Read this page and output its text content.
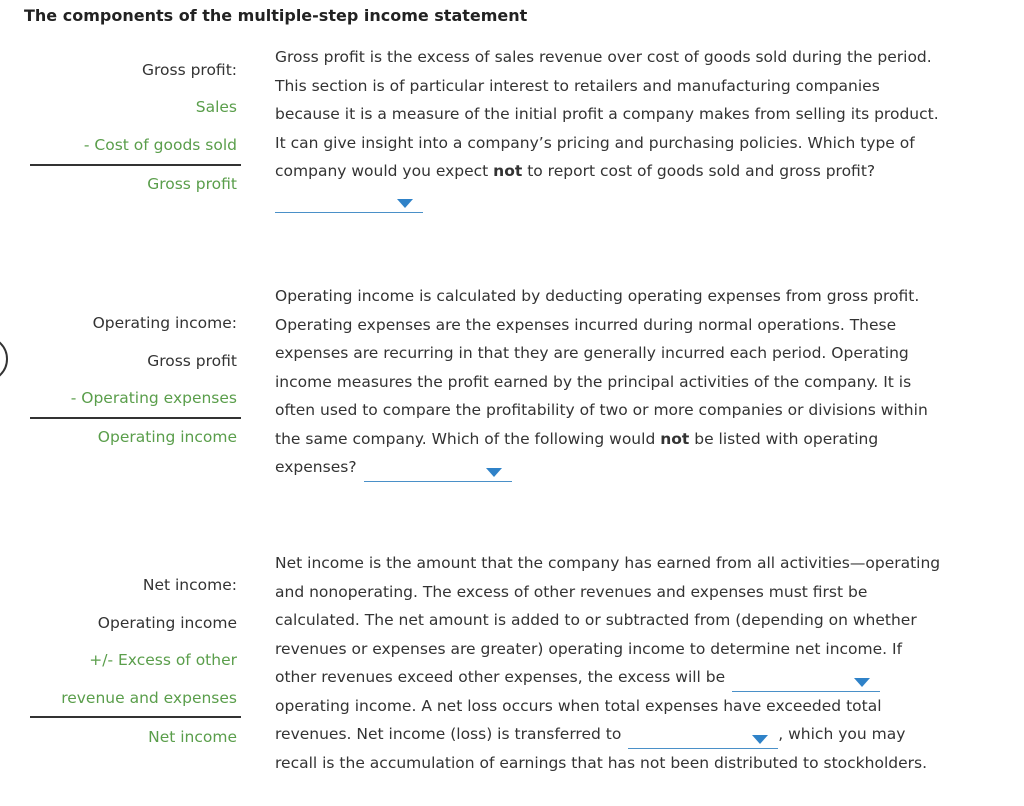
The components of the multiple-step income statement
Gross profit:
Sales
- Cost of goods sold
Gross profit
Gross profit is the excess of sales revenue over cost of goods sold during the period.
This section is of particular interest to retailers and manufacturing companies
because it is a measure of the initial profit a company makes from selling its product.
It can give insight into a company’s pricing and purchasing policies. Which type of
company would you expect not to report cost of goods sold and gross profit?
Operating income:
Gross profit
- Operating expenses
Operating income
Operating income is calculated by deducting operating expenses from gross profit.
Operating expenses are the expenses incurred during normal operations. These
expenses are recurring in that they are generally incurred each period. Operating
income measures the profit earned by the principal activities of the company. It is
often used to compare the profitability of two or more companies or divisions within
the same company. Which of the following would not be listed with operating
expenses?
Net income:
Operating income
+/- Excess of other
revenue and expenses
Net income
Net income is the amount that the company has earned from all activities—operating
and nonoperating. The excess of other revenues and expenses must first be
calculated. The net amount is added to or subtracted from (depending on whether
revenues or expenses are greater) operating income to determine net income. If
other revenues exceed other expenses, the excess will be
operating income. A net loss occurs when total expenses have exceeded total
revenues. Net income (loss) is transferred to	, which you may
recall is the accumulation of earnings that has not been distributed to stockholders.
